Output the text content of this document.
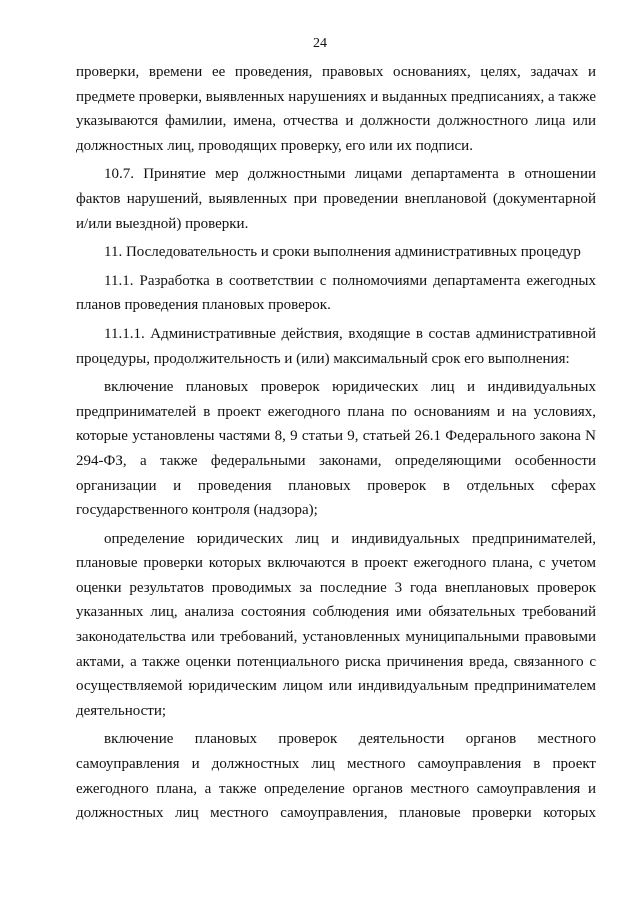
24

проверки, времени ее проведения, правовых основаниях, целях, задачах и предмете проверки, выявленных нарушениях и выданных предписаниях, а также указываются фамилии, имена, отчества и должности должностного лица или должностных лиц, проводящих проверку, его или их подписи.

10.7. Принятие мер должностными лицами департамента в отношении фактов нарушений, выявленных при проведении внеплановой (документарной и/или выездной) проверки.

11. Последовательность и сроки выполнения административных процедур

11.1. Разработка в соответствии с полномочиями департамента ежегодных планов проведения плановых проверок.

11.1.1. Административные действия, входящие в состав административной процедуры, продолжительность и (или) максимальный срок его выполнения:

включение плановых проверок юридических лиц и индивидуальных предпринимателей в проект ежегодного плана по основаниям и на условиях, которые установлены частями 8, 9 статьи 9, статьей 26.1 Федерального закона N 294-ФЗ, а также федеральными законами, определяющими особенности организации и проведения плановых проверок в отдельных сферах государственного контроля (надзора);

определение юридических лиц и индивидуальных предпринимателей, плановые проверки которых включаются в проект ежегодного плана, с учетом оценки результатов проводимых за последние 3 года внеплановых проверок указанных лиц, анализа состояния соблюдения ими обязательных требований законодательства или требований, установленных муниципальными правовыми актами, а также оценки потенциального риска причинения вреда, связанного с осуществляемой юридическим лицом или индивидуальным предпринимателем деятельности;

включение плановых проверок деятельности органов местного самоуправления и должностных лиц местного самоуправления в проект ежегодного плана, а также определение органов местного самоуправления и должностных лиц местного самоуправления, плановые проверки которых
